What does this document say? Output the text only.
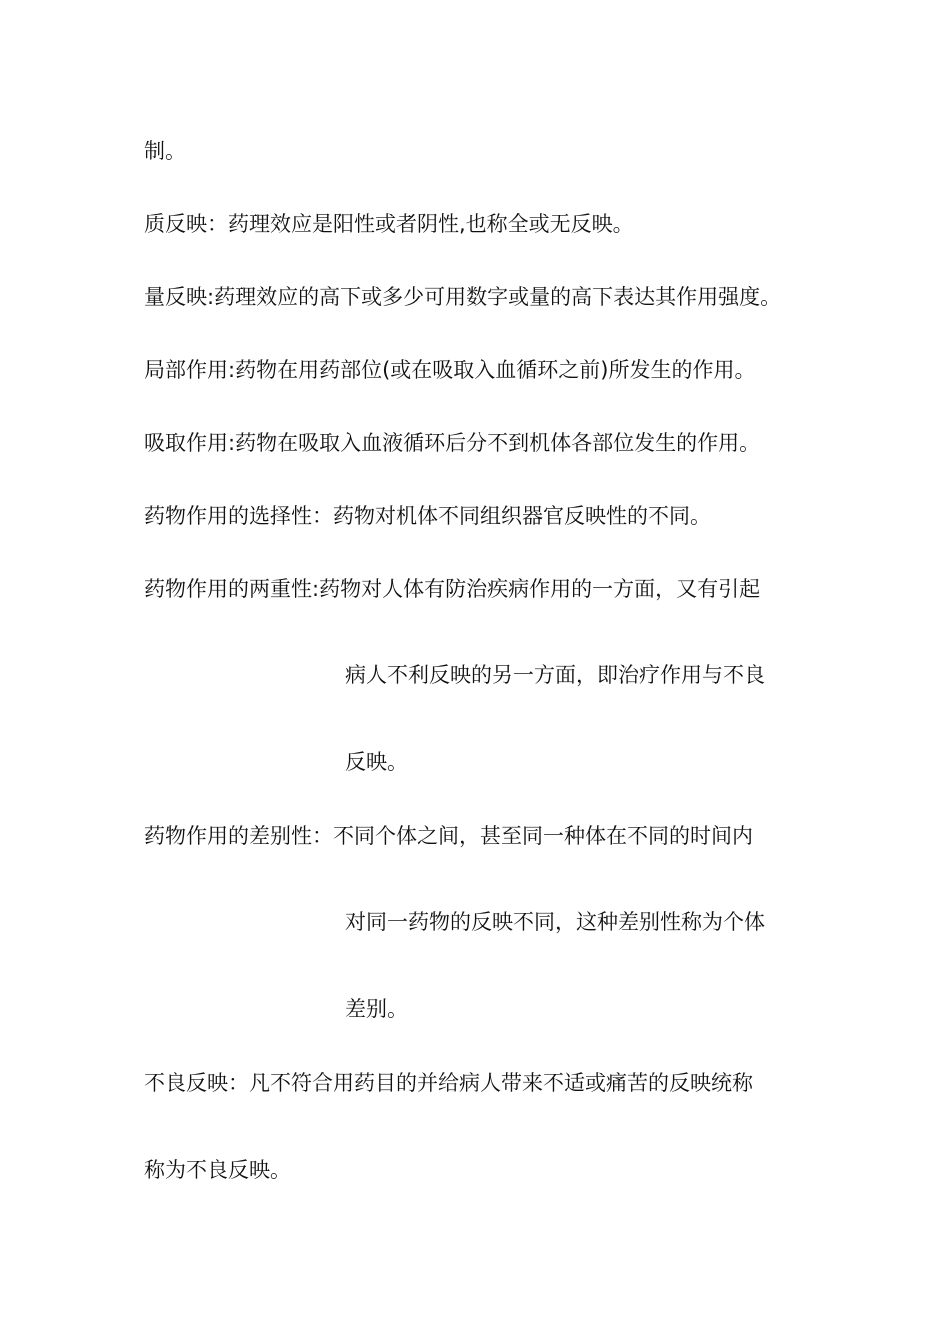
制。
质反映：药理效应是阳性或者阴性,也称全或无反映。
量反映:药理效应的高下或多少可用数字或量的高下表达其作用强度。
局部作用:药物在用药部位(或在吸取入血循环之前)所发生的作用。
吸取作用:药物在吸取入血液循环后分不到机体各部位发生的作用。
药物作用的选择性：药物对机体不同组织器官反映性的不同。
药物作用的两重性:药物对人体有防治疾病作用的一方面，又有引起
病人不利反映的另一方面，即治疗作用与不良
反映。
药物作用的差别性：不同个体之间，甚至同一种体在不同的时间内
对同一药物的反映不同，这种差别性称为个体
差别。
不良反映：凡不符合用药目的并给病人带来不适或痛苦的反映统称
称为不良反映。
